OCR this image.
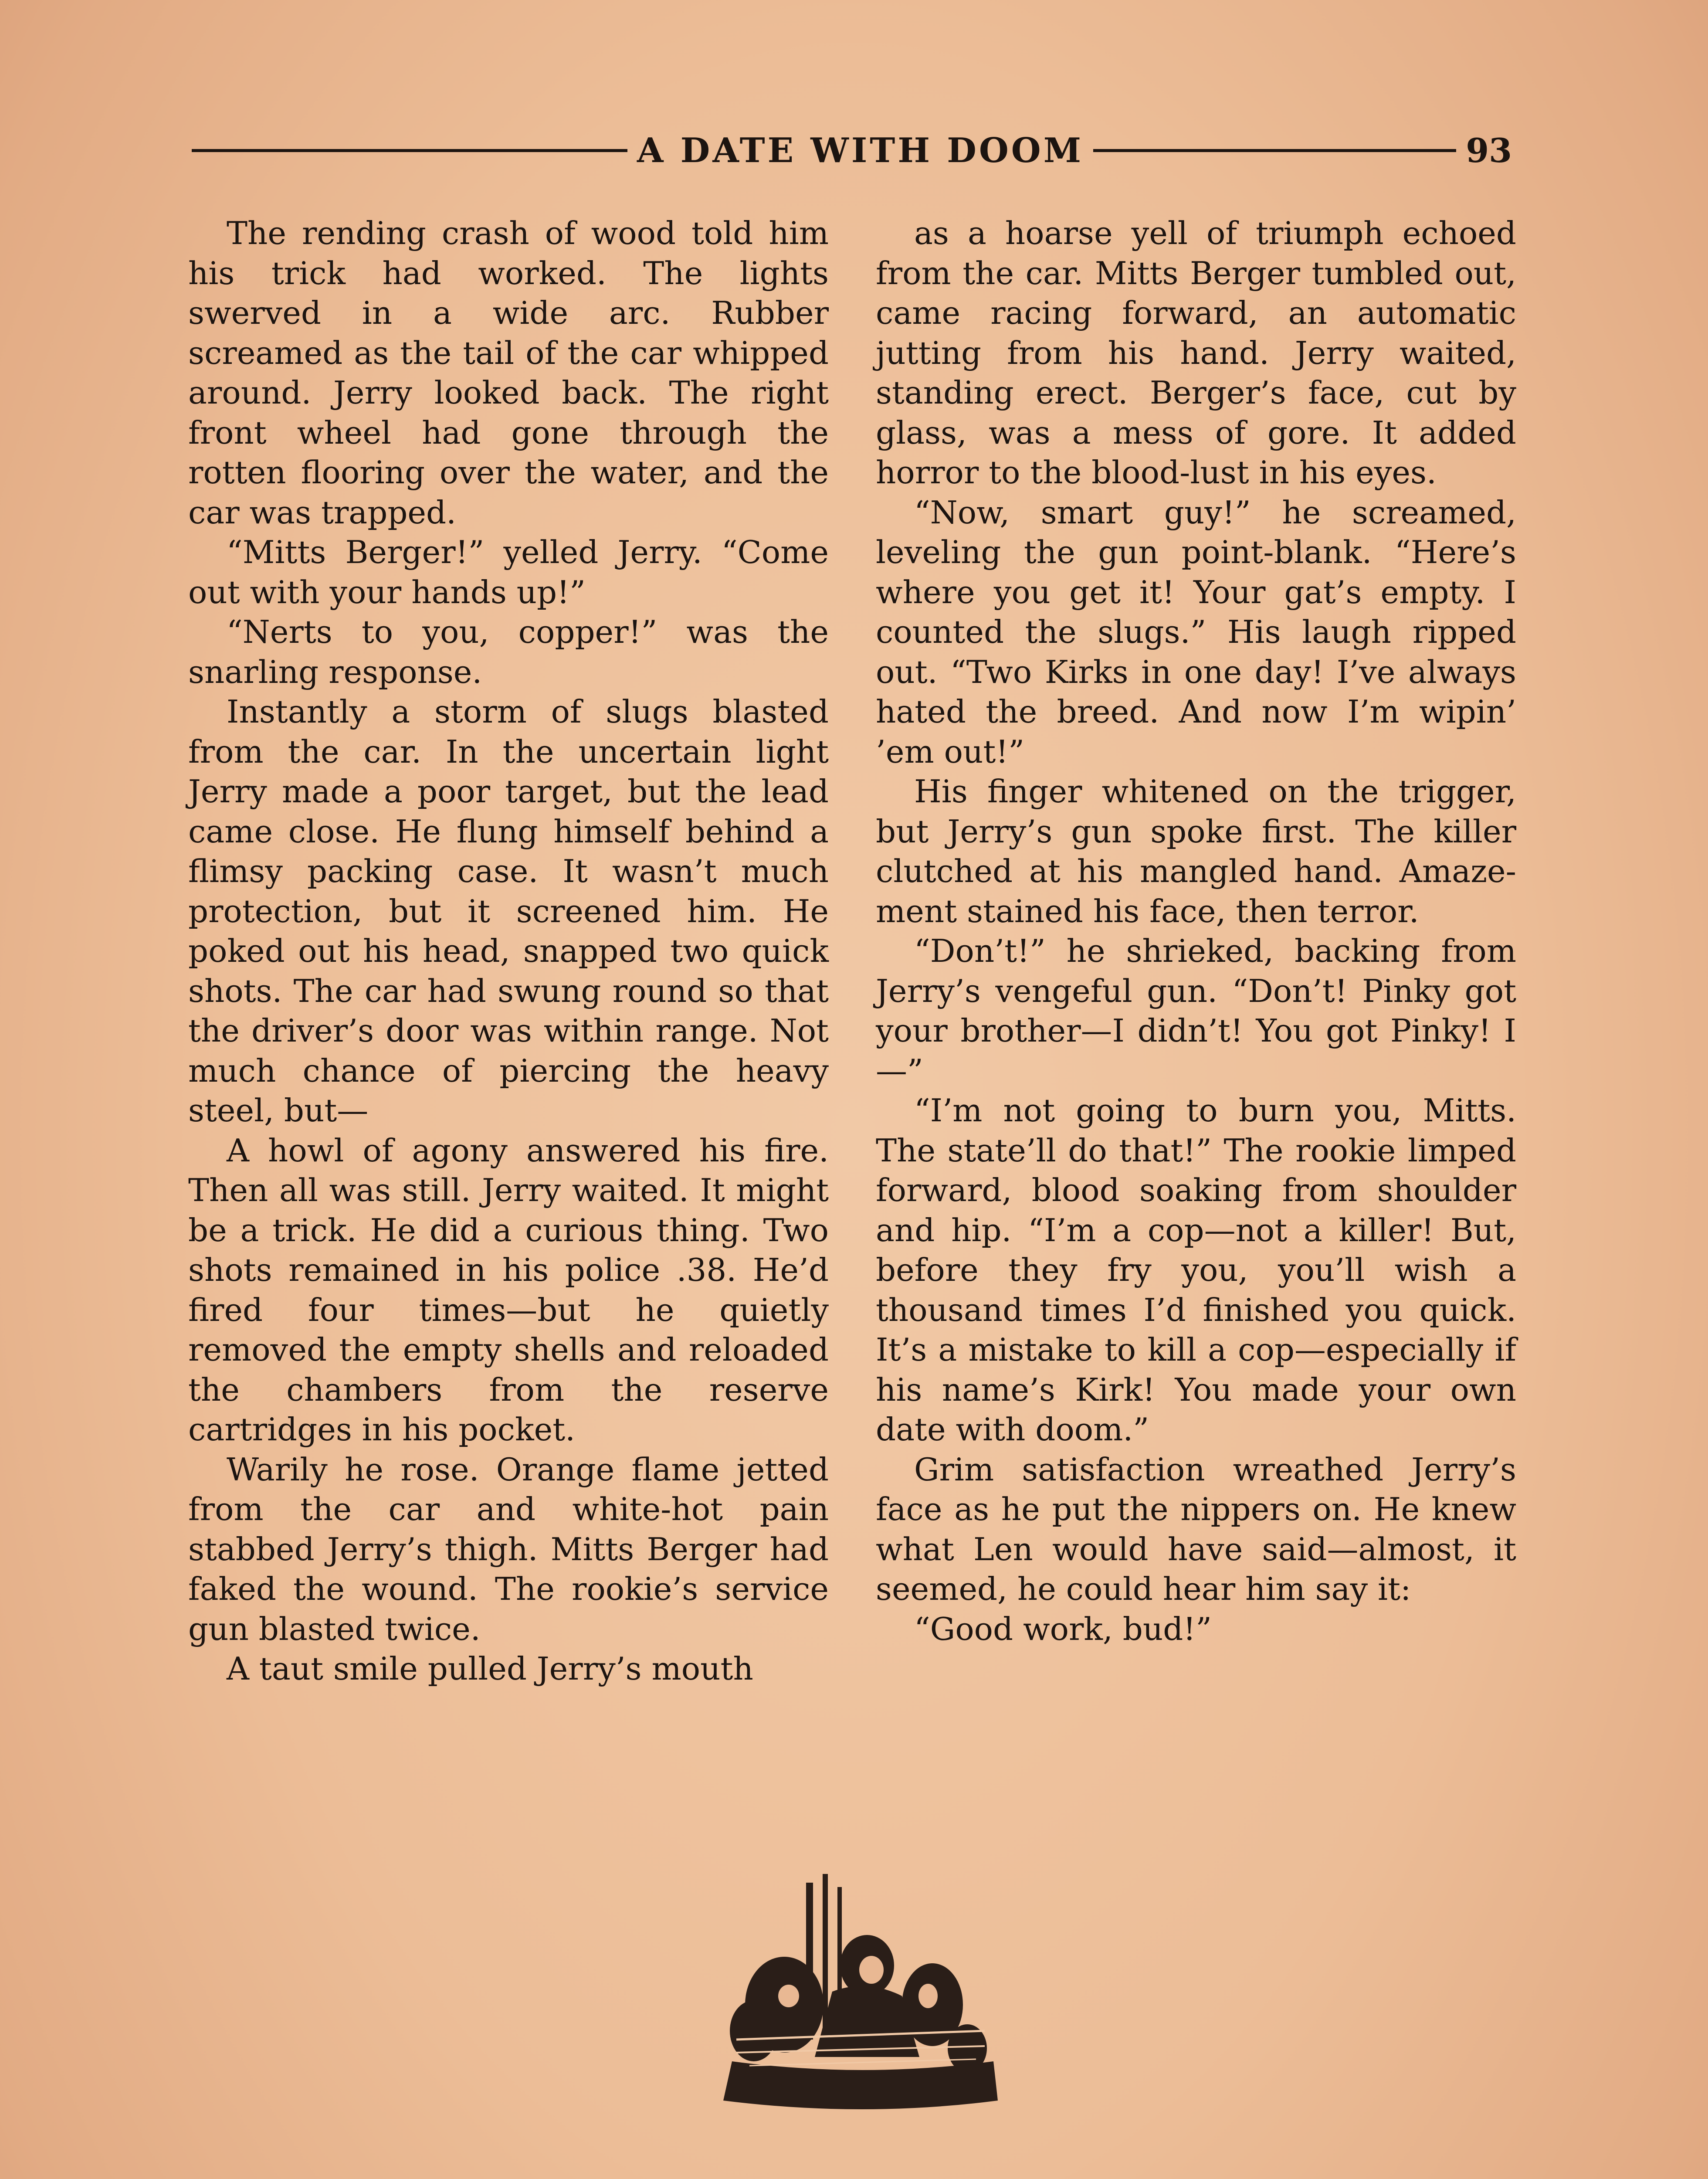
A DATE WITH DOOM	93

The rending crash of wood told him his trick had worked. The lights swerved in a wide arc. Rubber screamed as the tail of the car whipped around. Jerry looked back. The right front wheel had gone through the rotten flooring over the water, and the car was trapped.

“Mitts Berger!” yelled Jerry. “Come out with your hands up!”

“Nerts to you, copper!” was the snarling response.

Instantly a storm of slugs blasted from the car. In the uncertain light Jerry made a poor target, but the lead came close. He flung himself behind a flimsy packing case. It wasn’t much protection, but it screened him. He poked out his head, snapped two quick shots. The car had swung round so that the driver’s door was within range. Not much chance of piercing the heavy steel, but—

A howl of agony answered his fire. Then all was still. Jerry waited. It might be a trick. He did a curious thing. Two shots remained in his police .38. He’d fired four times—but he quietly removed the empty shells and reloaded the chambers from the reserve cartridges in his pocket.

Warily he rose. Orange flame jetted from the car and white-hot pain stabbed Jerry’s thigh. Mitts Berger had faked the wound. The rookie’s service gun blasted twice.

A taut smile pulled Jerry’s mouth

as a hoarse yell of triumph echoed from the car. Mitts Berger tumbled out, came racing forward, an automatic jutting from his hand. Jerry waited, standing erect. Berger’s face, cut by glass, was a mess of gore. It added horror to the blood-lust in his eyes.

“Now, smart guy!” he screamed, leveling the gun point-blank. “Here’s where you get it! Your gat’s empty. I counted the slugs.” His laugh ripped out. “Two Kirks in one day! I’ve always hated the breed. And now I’m wipin’ ’em out!”

His finger whitened on the trigger, but Jerry’s gun spoke first. The killer clutched at his mangled hand. Amazement stained his face, then terror.

“Don’t!” he shrieked, backing from Jerry’s vengeful gun. “Don’t! Pinky got your brother—I didn’t! You got Pinky! I—”

“I’m not going to burn you, Mitts. The state’ll do that!” The rookie limped forward, blood soaking from shoulder and hip. “I’m a cop—not a killer! But, before they fry you, you’ll wish a thousand times I’d finished you quick. It’s a mistake to kill a cop—especially if his name’s Kirk! You made your own date with doom.”

Grim satisfaction wreathed Jerry’s face as he put the nippers on. He knew what Len would have said—almost, it seemed, he could hear him say it:

“Good work, bud!”
